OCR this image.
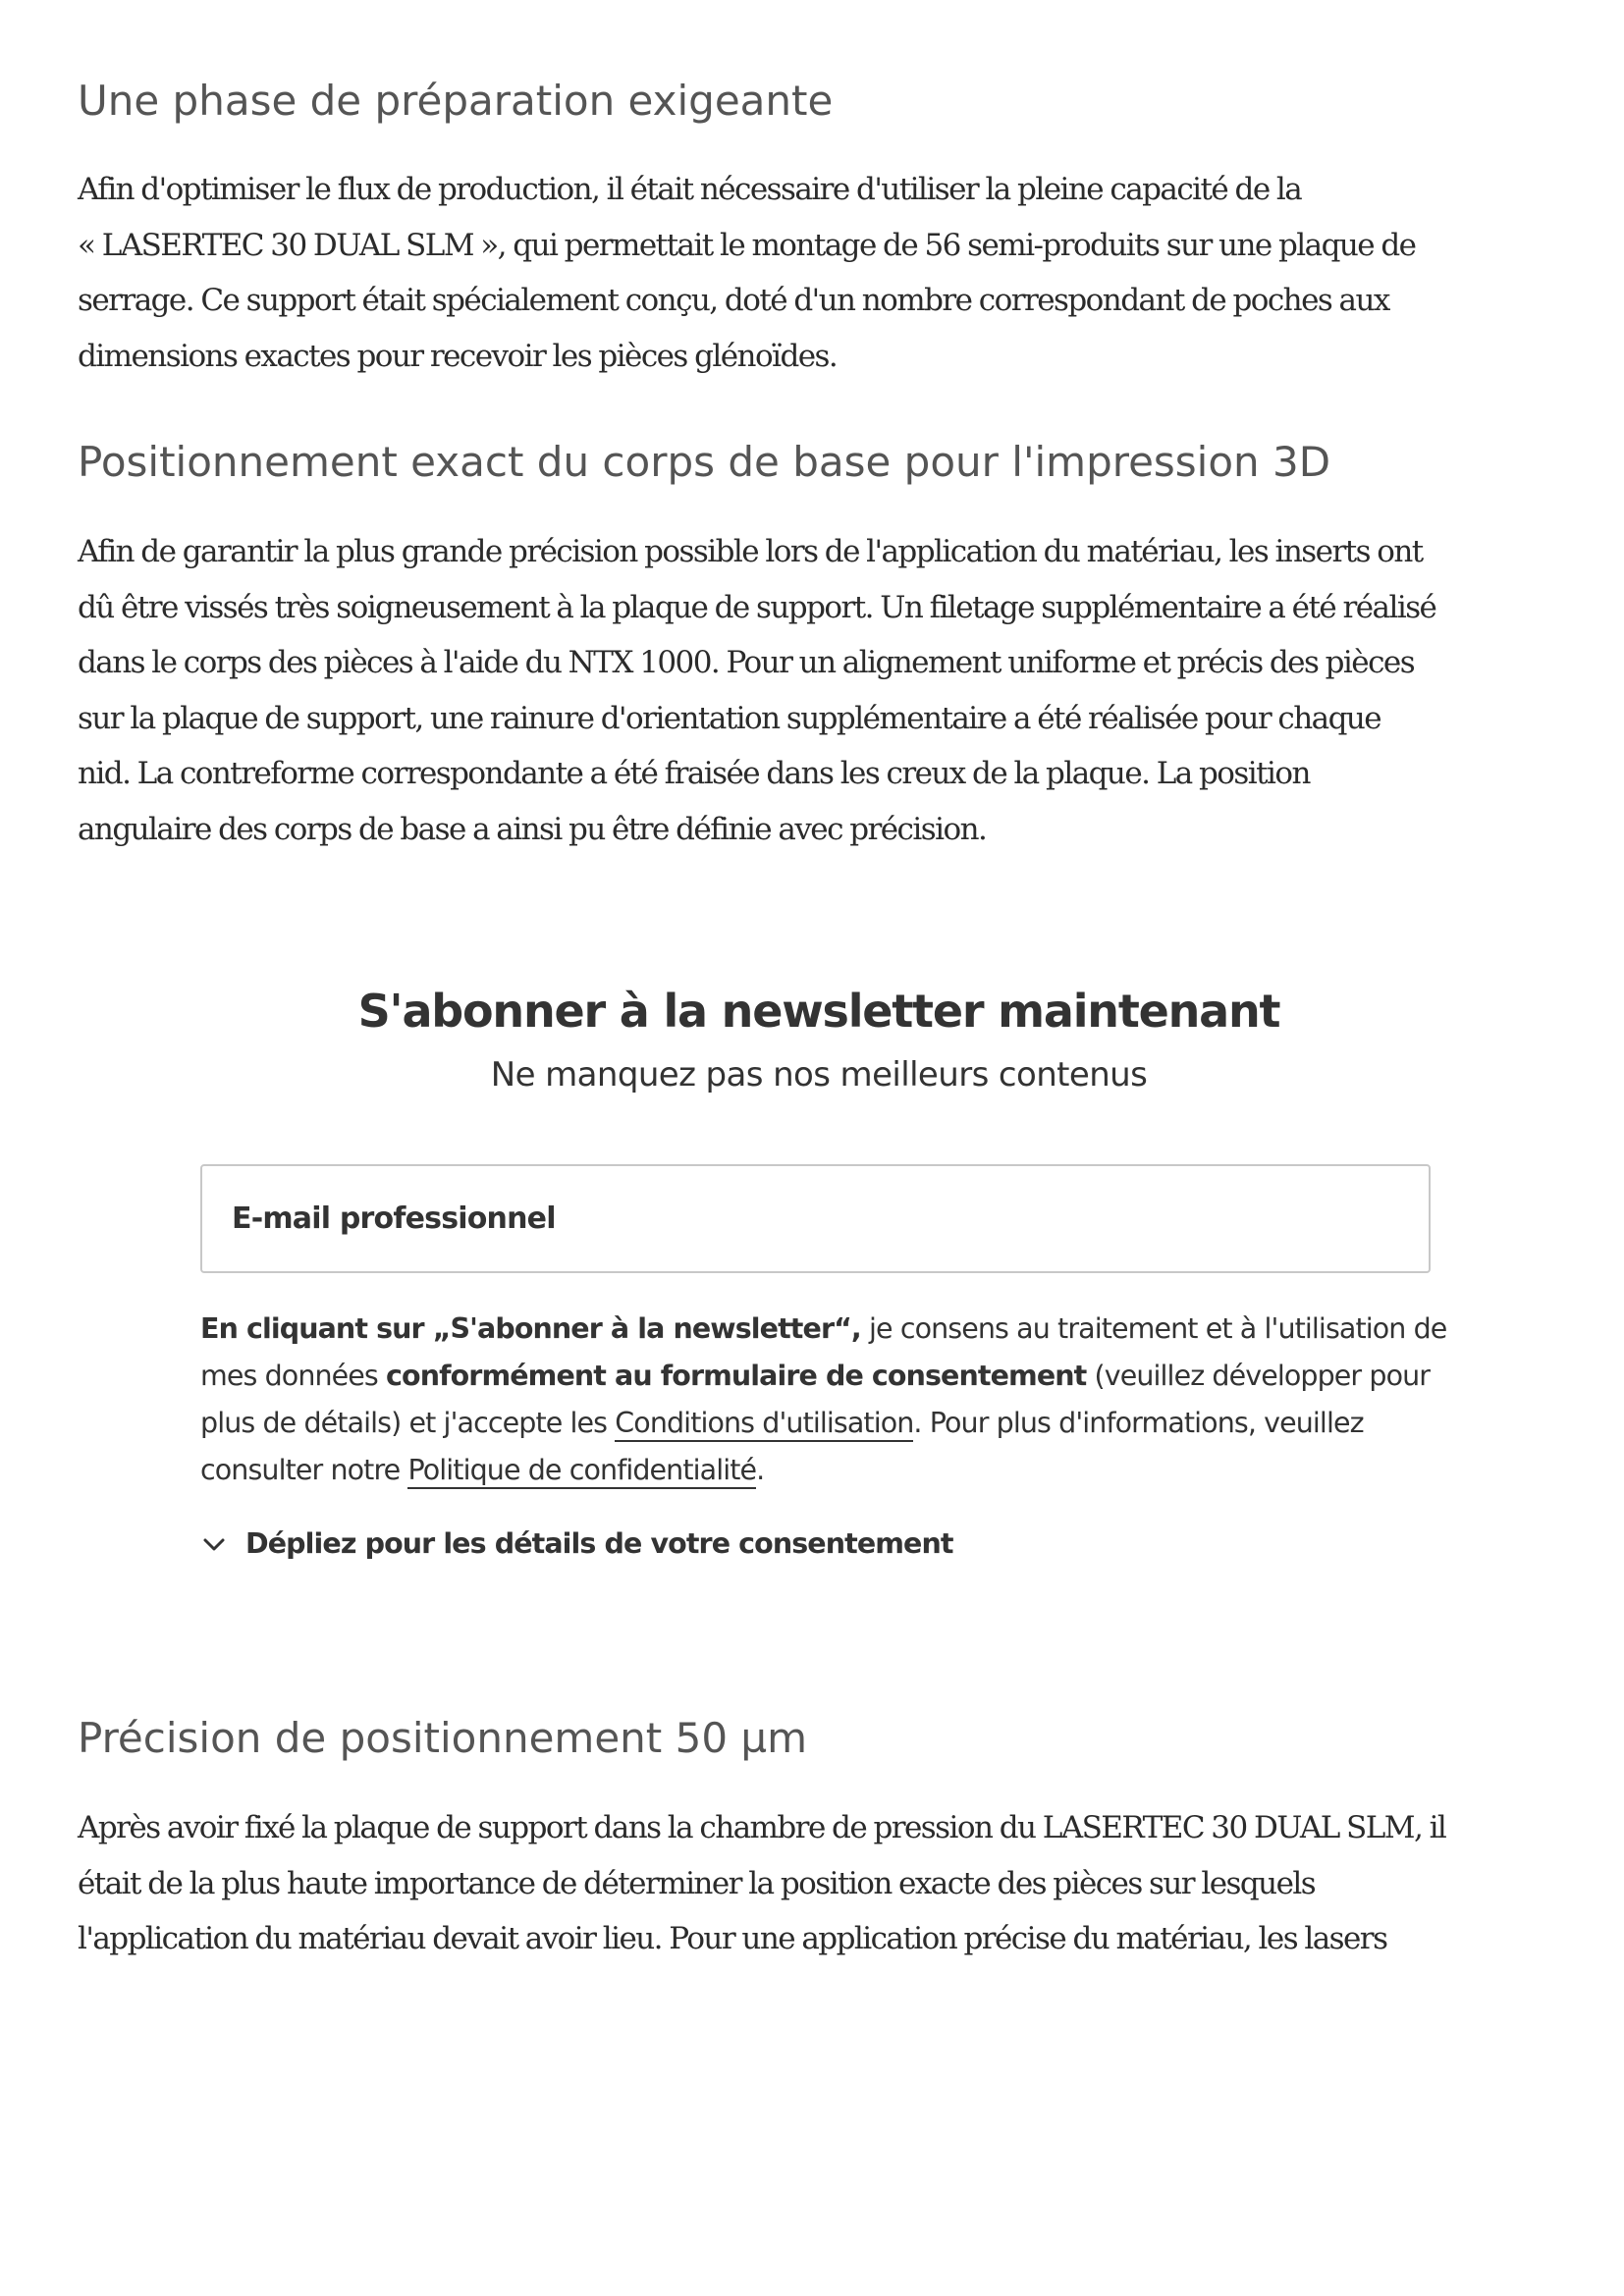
Une phase de préparation exigeante

Afin d'optimiser le flux de production, il était nécessaire d'utiliser la pleine capacité de la
« LASERTEC 30 DUAL SLM », qui permettait le montage de 56 semi-produits sur une plaque de
serrage. Ce support était spécialement conçu, doté d'un nombre correspondant de poches aux
dimensions exactes pour recevoir les pièces glénoïdes.

Positionnement exact du corps de base pour l'impression 3D

Afin de garantir la plus grande précision possible lors de l'application du matériau, les inserts ont
dû être vissés très soigneusement à la plaque de support. Un filetage supplémentaire a été réalisé
dans le corps des pièces à l'aide du NTX 1000. Pour un alignement uniforme et précis des pièces
sur la plaque de support, une rainure d'orientation supplémentaire a été réalisée pour chaque
nid. La contreforme correspondante a été fraisée dans les creux de la plaque. La position
angulaire des corps de base a ainsi pu être définie avec précision.

S'abonner à la newsletter maintenant

Ne manquez pas nos meilleurs contenus

E-mail professionnel
En cliquant sur „S'abonner à la newsletter“, je consens au traitement et à l'utilisation de mes données conformément au formulaire de consentement (veuillez développer pour plus de détails) et j'accepte les Conditions d'utilisation. Pour plus d'informations, veuillez consulter notre Politique de confidentialité.
Dépliez pour les détails de votre consentement
Précision de positionnement 50 µm

Après avoir fixé la plaque de support dans la chambre de pression du LASERTEC 30 DUAL SLM, il
était de la plus haute importance de déterminer la position exacte des pièces sur lesquels
l'application du matériau devait avoir lieu. Pour une application précise du matériau, les lasers
